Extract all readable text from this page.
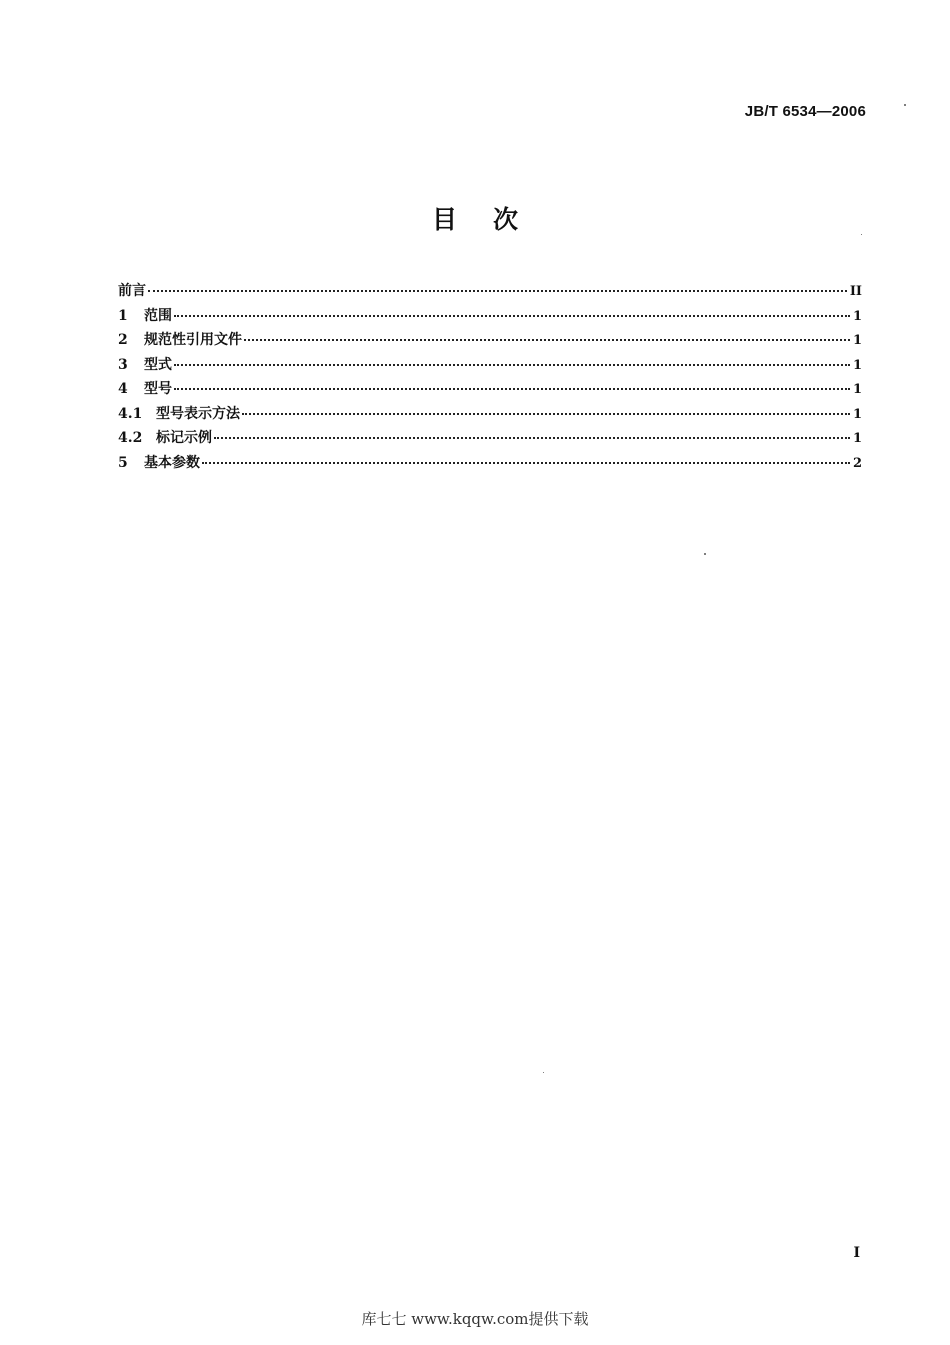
JB/T 6534—2006
目次
前言	II
1	范围	1
2	规范性引用文件	1
3	型式	1
4	型号	1
4.1 型号表示方法	1
4.2 标记示例	1
5	基本参数	2
I
库七七 www.kqqw.com提供下载
